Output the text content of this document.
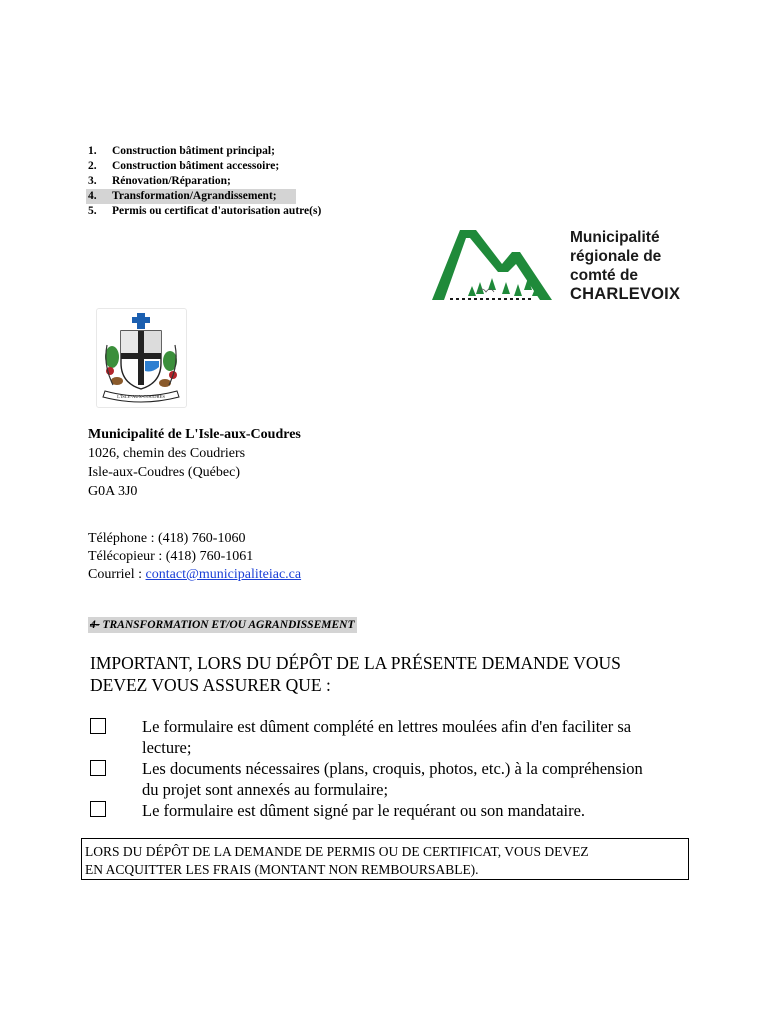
1.	Construction bâtiment principal;
2.	Construction bâtiment accessoire;
3.	Rénovation/Réparation;
4.	Transformation/Agrandissement;
5.	Permis ou certificat d'autorisation autre(s)
Municipalité
régionale de
comté de
CHARLEVOIX
L'ISLE-AUX-COUDRES
Municipalité de L'Isle-aux-Coudres
1026, chemin des Coudriers
Isle-aux-Coudres (Québec)
G0A 3J0
Téléphone : (418) 760-1060
Télécopieur : (418) 760-1061
Courriel : contact@municipaliteiac.ca
4- TRANSFORMATION ET/OU AGRANDISSEMENT
IMPORTANT, LORS DU DÉPÔT DE LA PRÉSENTE DEMANDE VOUS
DEVEZ VOUS ASSURER QUE :
Le formulaire est dûment complété en lettres moulées afin d'en faciliter sa
lecture;
Les documents nécessaires (plans, croquis, photos, etc.) à la compréhension
du projet sont annexés au formulaire;
Le formulaire est dûment signé par le requérant ou son mandataire.
LORS DU DÉPÔT DE LA DEMANDE DE PERMIS OU DE CERTIFICAT, VOUS DEVEZ
EN ACQUITTER LES FRAIS (MONTANT NON REMBOURSABLE).
